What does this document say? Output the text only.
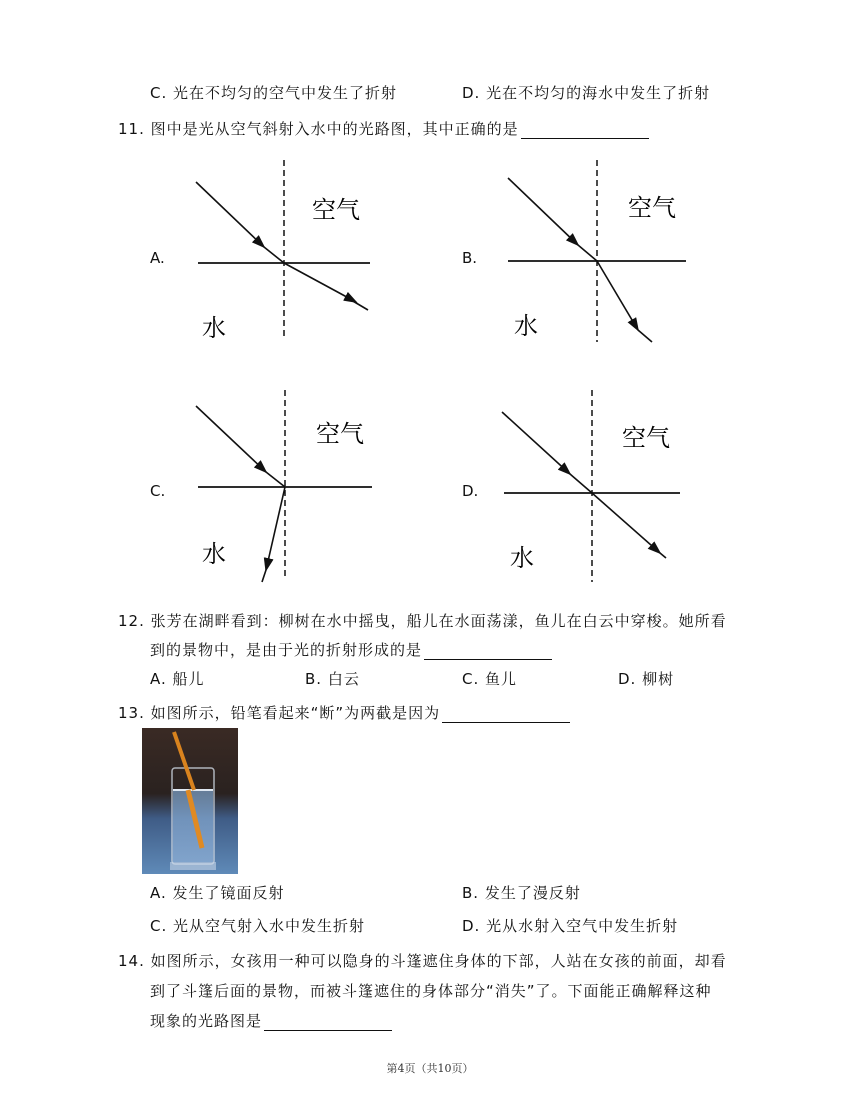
C. 光在不均匀的空气中发生了折射	D. 光在不均匀的海水中发生了折射
11. 图中是光从空气斜射入水中的光路图，其中正确的是
A.	B.
C.	D.
空气
水
空气
水
空气
水
空气
水
12. 张芳在湖畔看到：柳树在水中摇曳，船儿在水面荡漾，鱼儿在白云中穿梭。她所看
到的景物中，是由于光的折射形成的是
A. 船儿	B. 白云	C. 鱼儿	D. 柳树
13. 如图所示，铅笔看起来“断”为两截是因为
A. 发生了镜面反射	B. 发生了漫反射
C. 光从空气射入水中发生折射	D. 光从水射入空气中发生折射
14. 如图所示，女孩用一种可以隐身的斗篷遮住身体的下部，人站在女孩的前面，却看
到了斗篷后面的景物，而被斗篷遮住的身体部分“消失”了。下面能正确解释这种
现象的光路图是
第4页（共10页）
